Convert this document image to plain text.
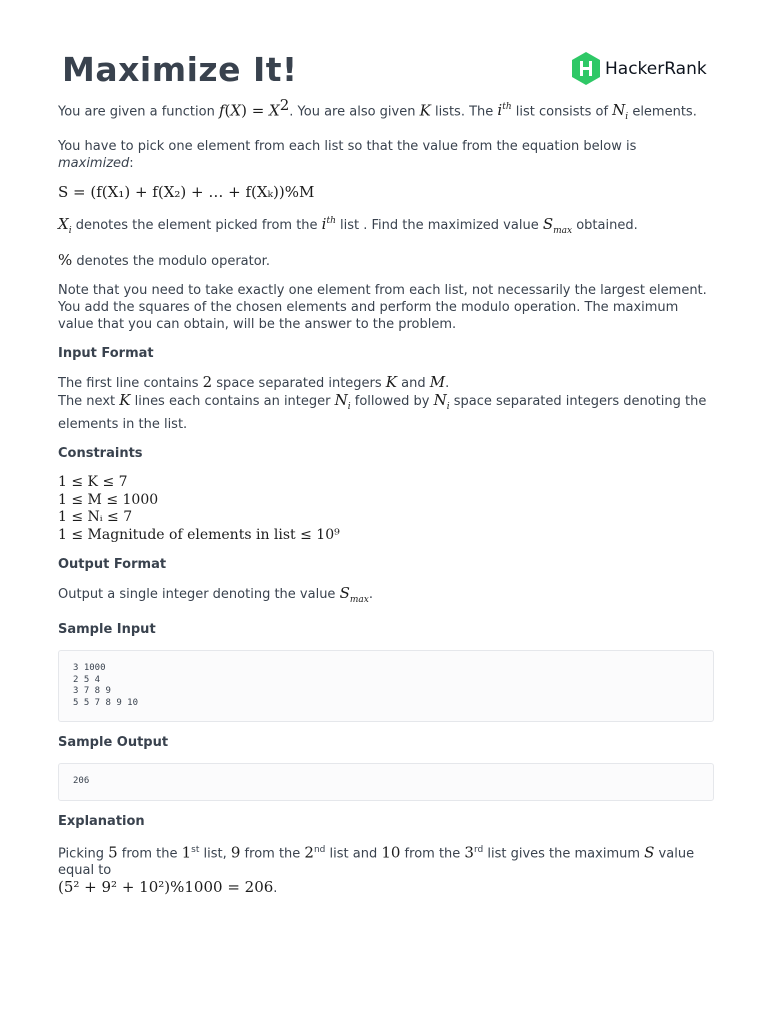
Maximize It!	HackerRank

You are given a function $f(X) = X^2$. You are also given K lists. The $i^{th}$ list consists of $N_i$ elements.

You have to pick one element from each list so that the value from the equation below is maximized:

S = (f(X₁) + f(X₂) + … + f(Xₖ))%M

$X_i$ denotes the element picked from the $i^{th}$ list . Find the maximized value $S_{max}$ obtained.

% denotes the modulo operator.

Note that you need to take exactly one element from each list, not necessarily the largest element. You add the squares of the chosen elements and perform the modulo operation. The maximum value that you can obtain, will be the answer to the problem.

Input Format

The first line contains 2 space separated integers K and M.
The next K lines each contains an integer $N_i$ followed by $N_i$ space separated integers denoting the elements in the list.

Constraints
1 ≤ K ≤ 7
1 ≤ M ≤ 1000
1 ≤ Nᵢ ≤ 7
1 ≤ Magnitude of elements in list ≤ 10⁹
Output Format

Output a single integer denoting the value $S_{max}$.

Sample Input
3 1000
2 5 4
3 7 8 9
5 5 7 8 9 10
Sample Output
206
Explanation

Picking 5 from the 1st list, 9 from the 2nd list and 10 from the 3rd list gives the maximum S value equal to
(5² + 9² + 10²)%1000 = 206.
